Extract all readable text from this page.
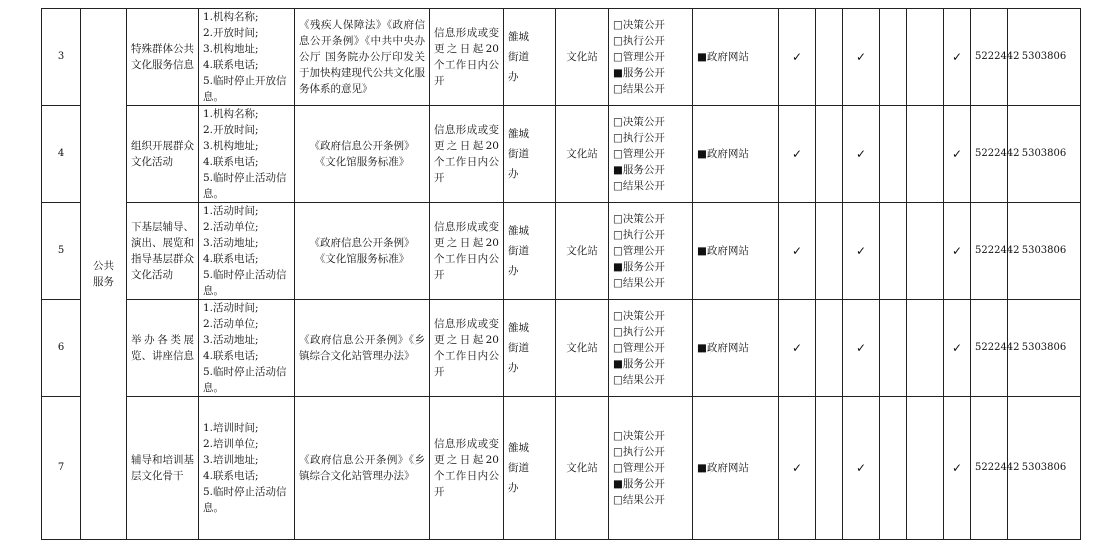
3	公共
服务	特殊群体公共文化服务信息	1.机构名称;
2.开放时间;
3.机构地址;
4.联系电话;
5.临时停止开放信息。	《残疾人保障法》《政府信息公开条例》《中共中央办公厅 国务院办公厅印发关于加快构建现代公共文化服务体系的意见》	信息形成或变更之日起20个工作日内公开	雒城
街道
办	文化站	□决策公开
□执行公开
□管理公开
■服务公开
□结果公开	■政府网站	✓		✓			✓	5222442	5303806
4		组织开展群众文化活动	1.机构名称;
2.开放时间;
3.机构地址;
4.联系电话;
5.临时停止活动信息。	《政府信息公开条例》
《文化馆服务标准》	信息形成或变更之日起20个工作日内公开	雒城
街道
办	文化站	□决策公开
□执行公开
□管理公开
■服务公开
□结果公开	■政府网站	✓		✓			✓	5222442	5303806
5		下基层辅导、演出、展览和指导基层群众文化活动	1.活动时间;
2.活动单位;
3.活动地址;
4.联系电话;
5.临时停止活动信息。	《政府信息公开条例》
《文化馆服务标准》	信息形成或变更之日起20个工作日内公开	雒城
街道
办	文化站	□决策公开
□执行公开
□管理公开
■服务公开
□结果公开	■政府网站	✓		✓			✓	5222442	5303806
6		举办各类展览、讲座信息	1.活动时间;
2.活动单位;
3.活动地址;
4.联系电话;
5.临时停止活动信息。	《政府信息公开条例》《乡镇综合文化站管理办法》	信息形成或变更之日起20个工作日内公开	雒城
街道
办	文化站	□决策公开
□执行公开
□管理公开
■服务公开
□结果公开	■政府网站	✓		✓			✓	5222442	5303806
7		辅导和培训基层文化骨干	1.培训时间;
2.培训单位;
3.培训地址;
4.联系电话;
5.临时停止活动信息。	《政府信息公开条例》《乡镇综合文化站管理办法》	信息形成或变更之日起20个工作日内公开	雒城
街道
办	文化站	□决策公开
□执行公开
□管理公开
■服务公开
□结果公开	■政府网站	✓		✓			✓	5222442	5303806
